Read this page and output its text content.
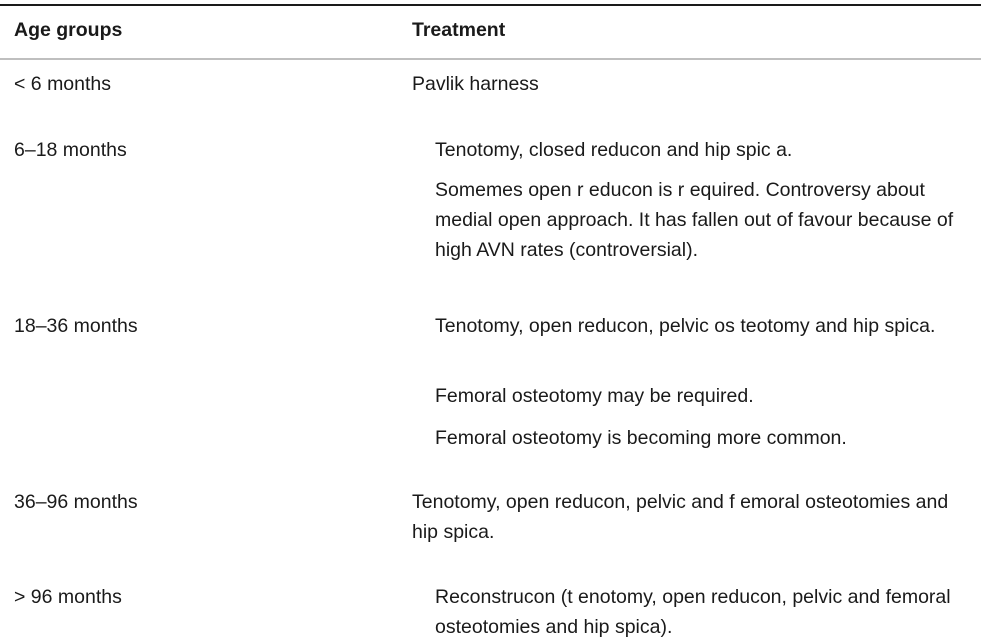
Age groups	Treatment
< 6 months	Pavlik harness
6–18 months	Tenotomy, closed reducon and hip spic a.
Somemes open r educon is r equired. Controversy about medial open approach. It has fallen out of favour because of high AVN rates (controversial).
18–36 months	Tenotomy, open reducon, pelvic os teotomy and hip spica.
Femoral osteotomy may be required.
Femoral osteotomy is becoming more common.
36–96 months	Tenotomy, open reducon, pelvic and f emoral osteotomies and hip spica.
> 96 months	Reconstrucon (t enotomy, open reducon, pelvic and femoral osteotomies and hip spica).
